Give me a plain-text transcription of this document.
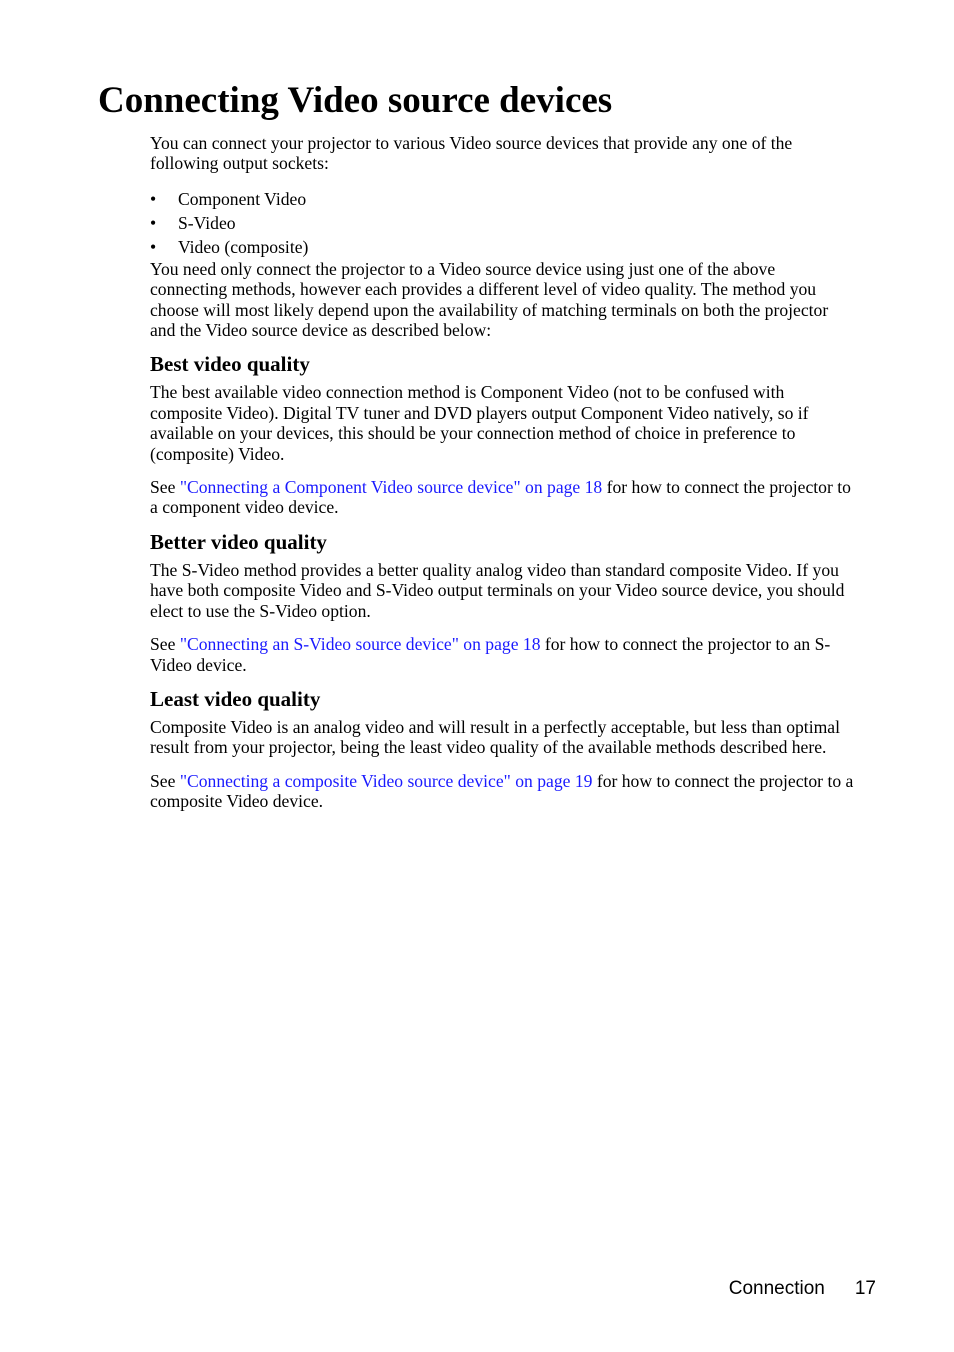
Connecting Video source devices

You can connect your projector to various Video source devices that provide any one of the following output sockets:

• Component Video
• S-Video
• Video (composite)

You need only connect the projector to a Video source device using just one of the above connecting methods, however each provides a different level of video quality. The method you choose will most likely depend upon the availability of matching terminals on both the projector and the Video source device as described below:

Best video quality

The best available video connection method is Component Video (not to be confused with composite Video). Digital TV tuner and DVD players output Component Video natively, so if available on your devices, this should be your connection method of choice in preference to (composite) Video.

See "Connecting a Component Video source device" on page 18 for how to connect the projector to a component video device.

Better video quality

The S-Video method provides a better quality analog video than standard composite Video. If you have both composite Video and S-Video output terminals on your Video source device, you should elect to use the S-Video option.

See "Connecting an S-Video source device" on page 18 for how to connect the projector to an S-Video device.

Least video quality

Composite Video is an analog video and will result in a perfectly acceptable, but less than optimal result from your projector, being the least video quality of the available methods described here.

See "Connecting a composite Video source device" on page 19 for how to connect the projector to a composite Video device.

Connection 17
